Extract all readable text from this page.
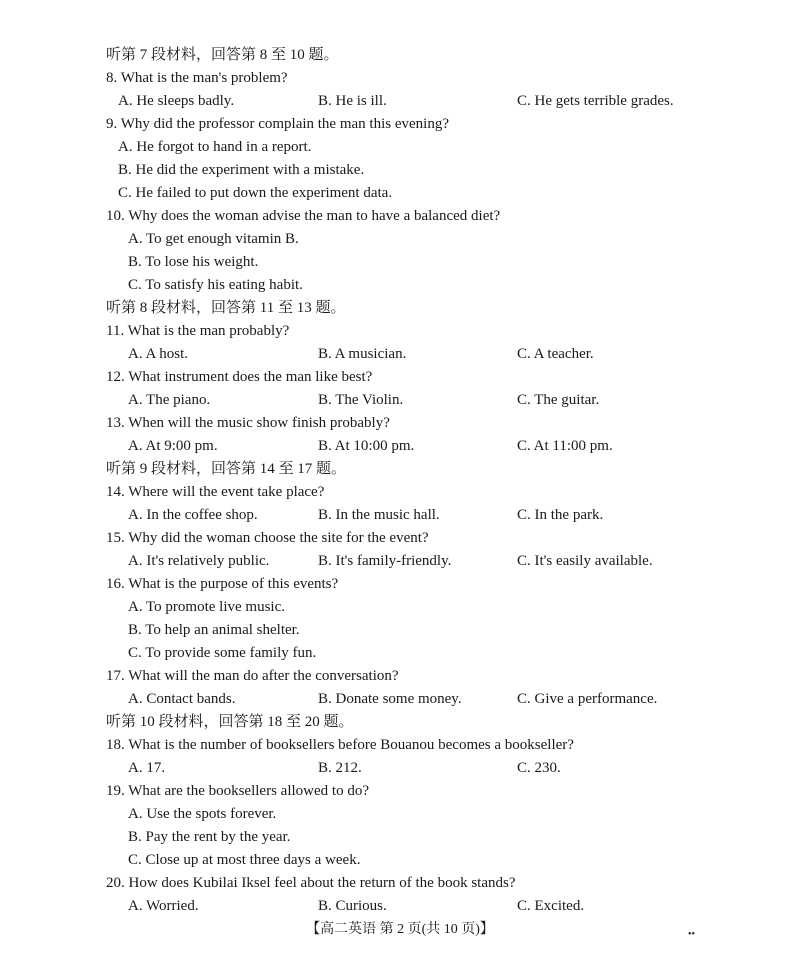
听第 7 段材料，回答第 8 至 10 题。
8. What is the man's problem?
A. He sleeps badly.	B. He is ill.	C. He gets terrible grades.
9. Why did the professor complain the man this evening?
A. He forgot to hand in a report.
B. He did the experiment with a mistake.
C. He failed to put down the experiment data.
10. Why does the woman advise the man to have a balanced diet?
A. To get enough vitamin B.
B. To lose his weight.
C. To satisfy his eating habit.
听第 8 段材料，回答第 11 至 13 题。
11. What is the man probably?
A. A host.	B. A musician.	C. A teacher.
12. What instrument does the man like best?
A. The piano.	B. The Violin.	C. The guitar.
13. When will the music show finish probably?
A. At 9:00 pm.	B. At 10:00 pm.	C. At 11:00 pm.
听第 9 段材料，回答第 14 至 17 题。
14. Where will the event take place?
A. In the coffee shop.	B. In the music hall.	C. In the park.
15. Why did the woman choose the site for the event?
A. It's relatively public.	B. It's family-friendly.	C. It's easily available.
16. What is the purpose of this events?
A. To promote live music.
B. To help an animal shelter.
C. To provide some family fun.
17. What will the man do after the conversation?
A. Contact bands.	B. Donate some money.	C. Give a performance.
听第 10 段材料，回答第 18 至 20 题。
18. What is the number of booksellers before Bouanou becomes a bookseller?
A. 17.	B. 212.	C. 230.
19. What are the booksellers allowed to do?
A. Use the spots forever.
B. Pay the rent by the year.
C. Close up at most three days a week.
20. How does Kubilai Iksel feel about the return of the book stands?
A. Worried.	B. Curious.	C. Excited.
【高二英语 第 2 页(共 10 页)】	••
